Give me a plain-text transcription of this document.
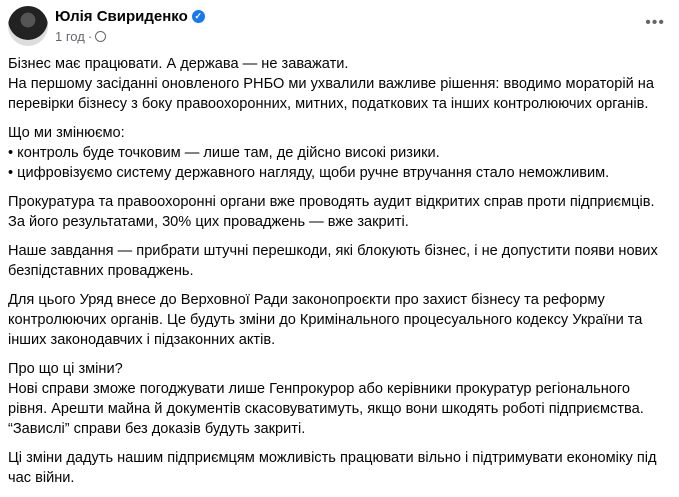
Юлія Свириденко ✓
1 год ·
•••
Бізнес має працювати. А держава — не заважати.
На першому засіданні оновленого РНБО ми ухвалили важливе рішення: вводимо мораторій на
перевірки бізнесу з боку правоохоронних, митних, податкових та інших контролюючих органів.
Що ми змінюємо:
• контроль буде точковим — лише там, де дійсно високі ризики.
• цифровізуємо систему державного нагляду, щоби ручне втручання стало неможливим.
Прокуратура та правоохоронні органи вже проводять аудит відкритих справ проти підприємців.
За його результатами, 30% цих проваджень — вже закриті.
Наше завдання — прибрати штучні перешкоди, які блокують бізнес, і не допустити появи нових
безпідставних проваджень.
Для цього Уряд внесе до Верховної Ради законопроєкти про захист бізнесу та реформу
контролюючих органів. Це будуть зміни до Кримінального процесуального кодексу України та
інших законодавчих і підзаконних актів.
Про що ці зміни?
Нові справи зможе погоджувати лише Генпрокурор або керівники прокуратур регіонального
рівня. Арешти майна й документів скасовуватимуть, якщо вони шкодять роботі підприємства.
“Завислі” справи без доказів будуть закриті.
Ці зміни дадуть нашим підприємцям можливість працювати вільно і підтримувати економіку під
час війни.
